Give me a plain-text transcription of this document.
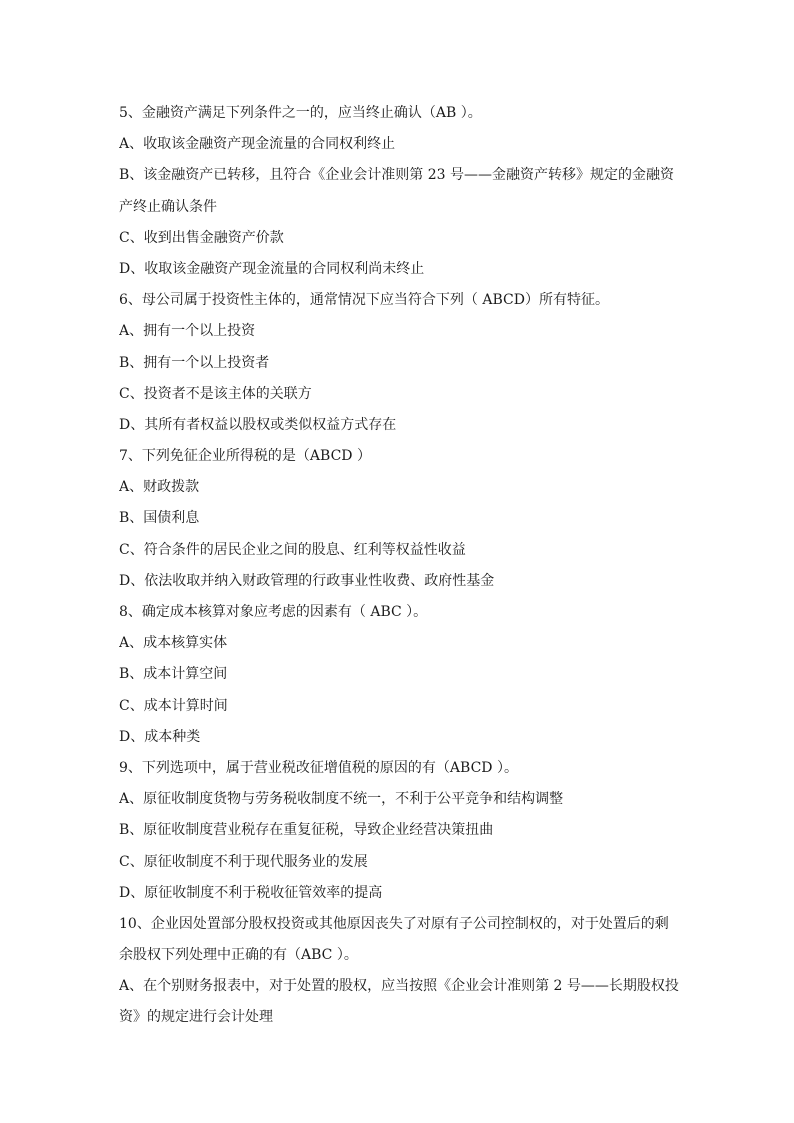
5、金融资产满足下列条件之一的，应当终止确认（AB ）。
A、收取该金融资产现金流量的合同权利终止
B、该金融资产已转移，且符合《企业会计准则第 23 号——金融资产转移》规定的金融资
产终止确认条件
C、收到出售金融资产价款
D、收取该金融资产现金流量的合同权利尚未终止
6、母公司属于投资性主体的，通常情况下应当符合下列（ ABCD）所有特征。
A、拥有一个以上投资
B、拥有一个以上投资者
C、投资者不是该主体的关联方
D、其所有者权益以股权或类似权益方式存在
7、下列免征企业所得税的是（ABCD ）
A、财政拨款
B、国债利息
C、符合条件的居民企业之间的股息、红利等权益性收益
D、依法收取并纳入财政管理的行政事业性收费、政府性基金
8、确定成本核算对象应考虑的因素有（ ABC ）。
A、成本核算实体
B、成本计算空间
C、成本计算时间
D、成本种类
9、下列选项中，属于营业税改征增值税的原因的有（ABCD ）。
A、原征收制度货物与劳务税收制度不统一，不利于公平竞争和结构调整
B、原征收制度营业税存在重复征税，导致企业经营决策扭曲
C、原征收制度不利于现代服务业的发展
D、原征收制度不利于税收征管效率的提高
10、企业因处置部分股权投资或其他原因丧失了对原有子公司控制权的，对于处置后的剩
余股权下列处理中正确的有（ABC ）。
A、在个别财务报表中，对于处置的股权，应当按照《企业会计准则第 2 号——长期股权投
资》的规定进行会计处理
